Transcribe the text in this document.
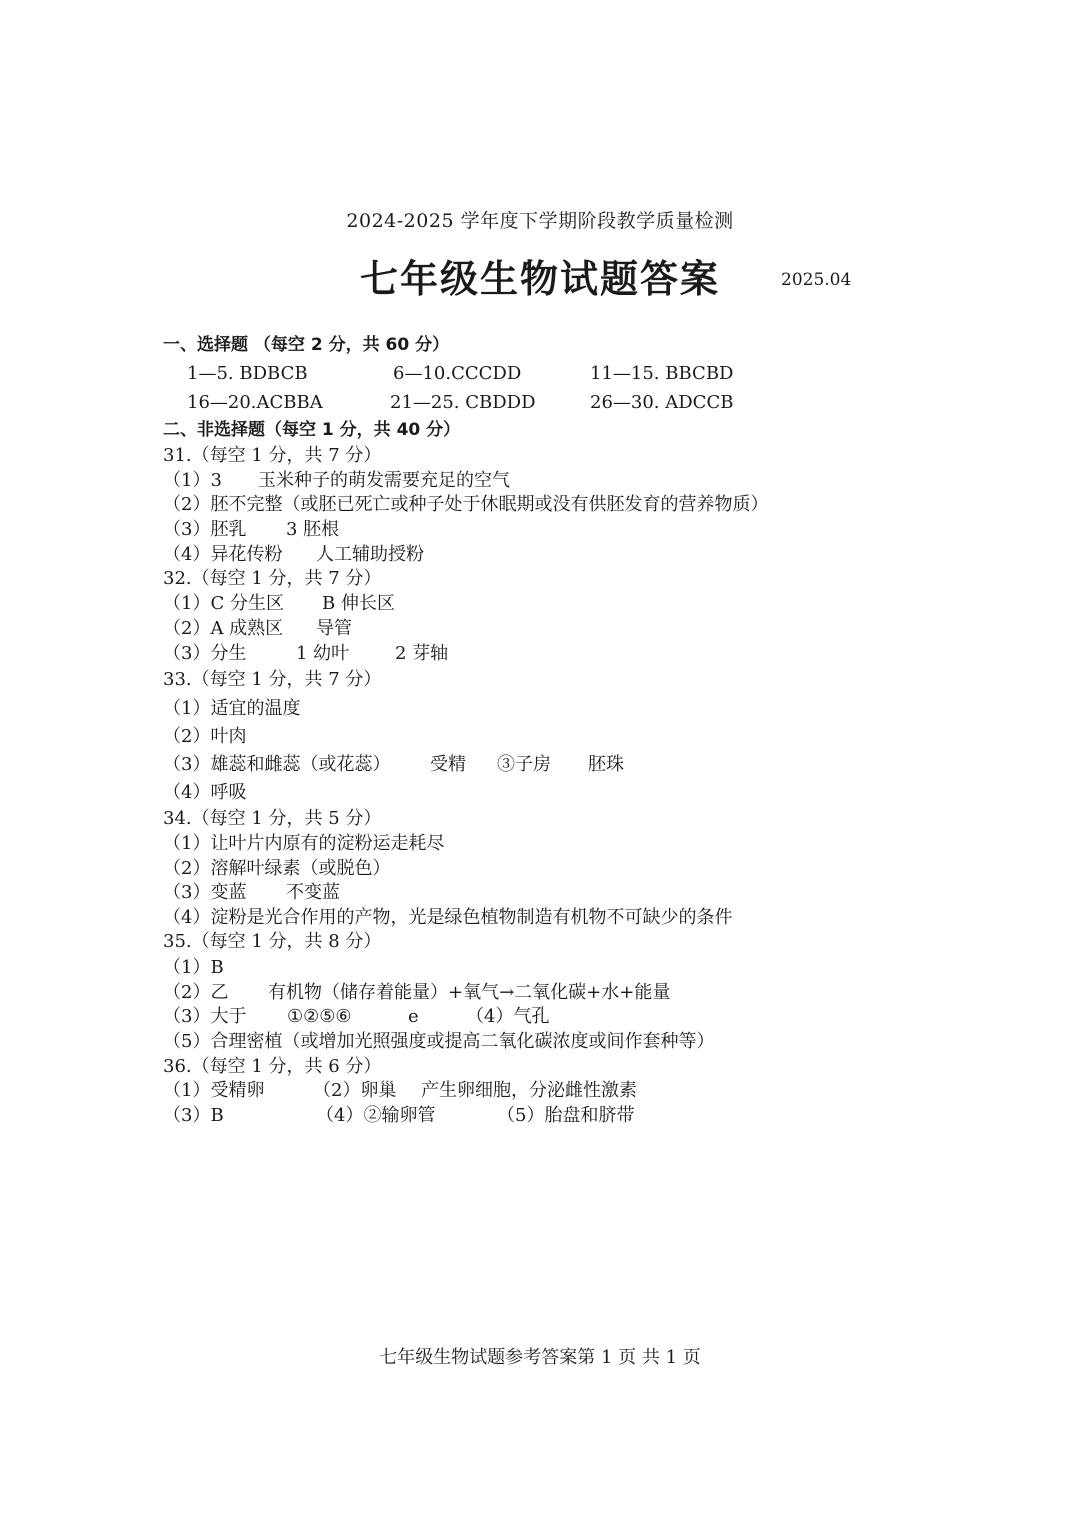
2024-2025 学年度下学期阶段教学质量检测
七年级生物试题答案	2025.04
一、选择题 （每空 2 分，共 60 分）
1—5. BDBCB	6—10.CCCDD	11—15. BBCBD
16—20.ACBBA	21—25. CBDDD	26—30. ADCCB
二、非选择题（每空 1 分，共 40 分）
31.（每空 1 分，共 7 分）
（1）3 玉米种子的萌发需要充足的空气
（2）胚不完整（或胚已死亡或种子处于休眠期或没有供胚发育的营养物质）
（3）胚乳 3 胚根
（4）异花传粉 人工辅助授粉
32.（每空 1 分，共 7 分）
（1）C 分生区 B 伸长区
（2）A 成熟区 导管
（3）分生	1 幼叶	2 芽轴
33.（每空 1 分，共 7 分）
（1）适宜的温度
（2）叶肉
（3）雄蕊和雌蕊（或花蕊） 受精 ③子房 胚珠
（4）呼吸
34.（每空 1 分，共 5 分）
（1）让叶片内原有的淀粉运走耗尽
（2）溶解叶绿素（或脱色）
（3）变蓝 不变蓝
（4）淀粉是光合作用的产物，光是绿色植物制造有机物不可缺少的条件
35.（每空 1 分，共 8 分）
（1）B
（2）乙 有机物（储存着能量）+氧气→二氧化碳+水+能量
（3）大于 ①②⑤⑥	e	（4）气孔
（5）合理密植（或增加光照强度或提高二氧化碳浓度或间作套种等）
36.（每空 1 分，共 6 分）
（1）受精卵	（2）卵巢 产生卵细胞，分泌雌性激素
（3）B	（4）②输卵管	（5）胎盘和脐带
七年级生物试题参考答案第 1 页 共 1 页
